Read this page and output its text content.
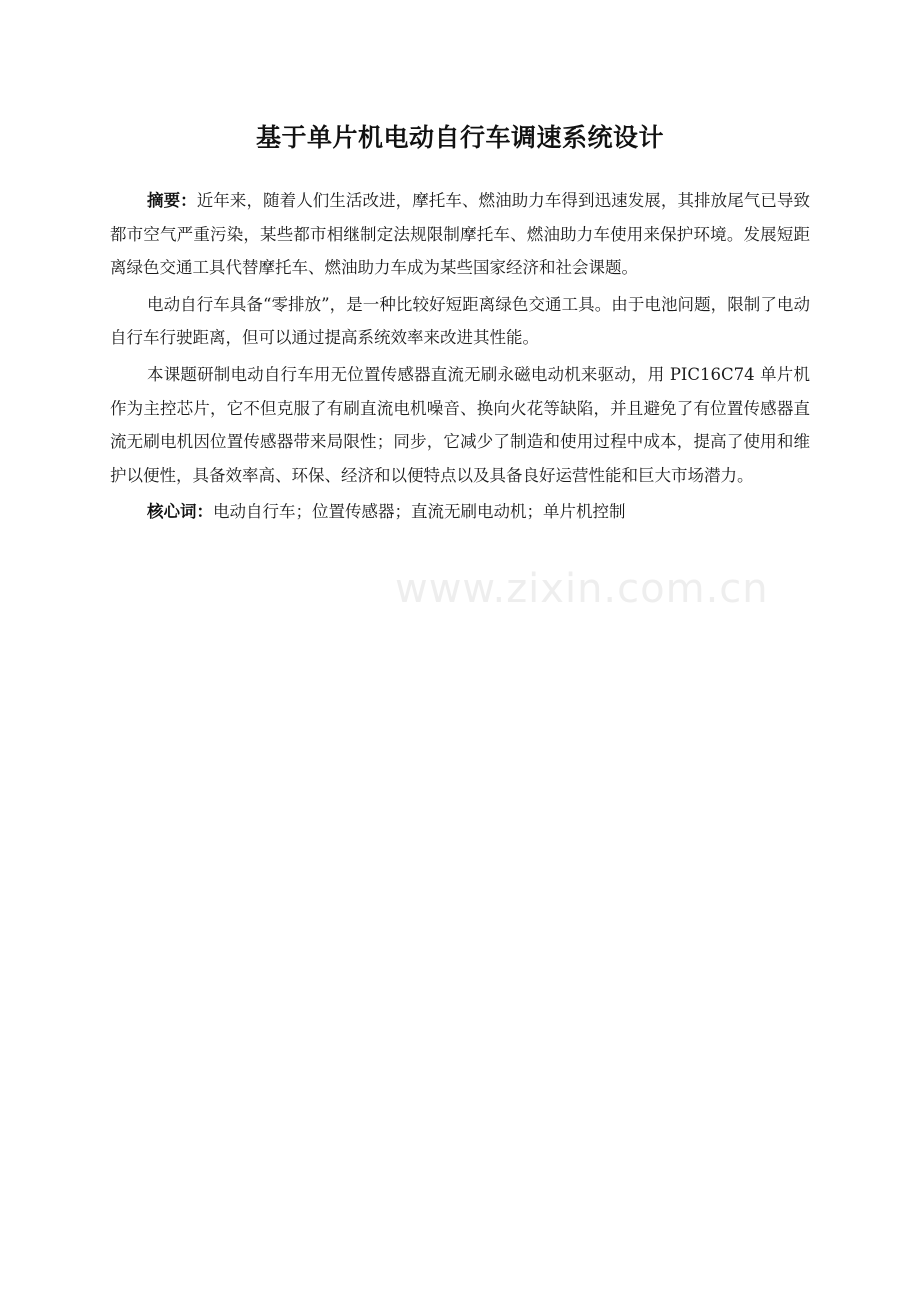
www.zixin.com.cn
基于单片机电动自行车调速系统设计

摘要：近年来，随着人们生活改进，摩托车、燃油助力车得到迅速发展，其排放尾气已导致都市空气严重污染，某些都市相继制定法规限制摩托车、燃油助力车使用来保护环境。发展短距离绿色交通工具代替摩托车、燃油助力车成为某些国家经济和社会课题。

电动自行车具备“零排放”，是一种比较好短距离绿色交通工具。由于电池问题，限制了电动自行车行驶距离，但可以通过提高系统效率来改进其性能。

本课题研制电动自行车用无位置传感器直流无刷永磁电动机来驱动，用 PIC16C74 单片机作为主控芯片，它不但克服了有刷直流电机噪音、换向火花等缺陷，并且避免了有位置传感器直流无刷电机因位置传感器带来局限性；同步，它减少了制造和使用过程中成本，提高了使用和维护以便性，具备效率高、环保、经济和以便特点以及具备良好运营性能和巨大市场潜力。

核心词：电动自行车；位置传感器；直流无刷电动机；单片机控制
